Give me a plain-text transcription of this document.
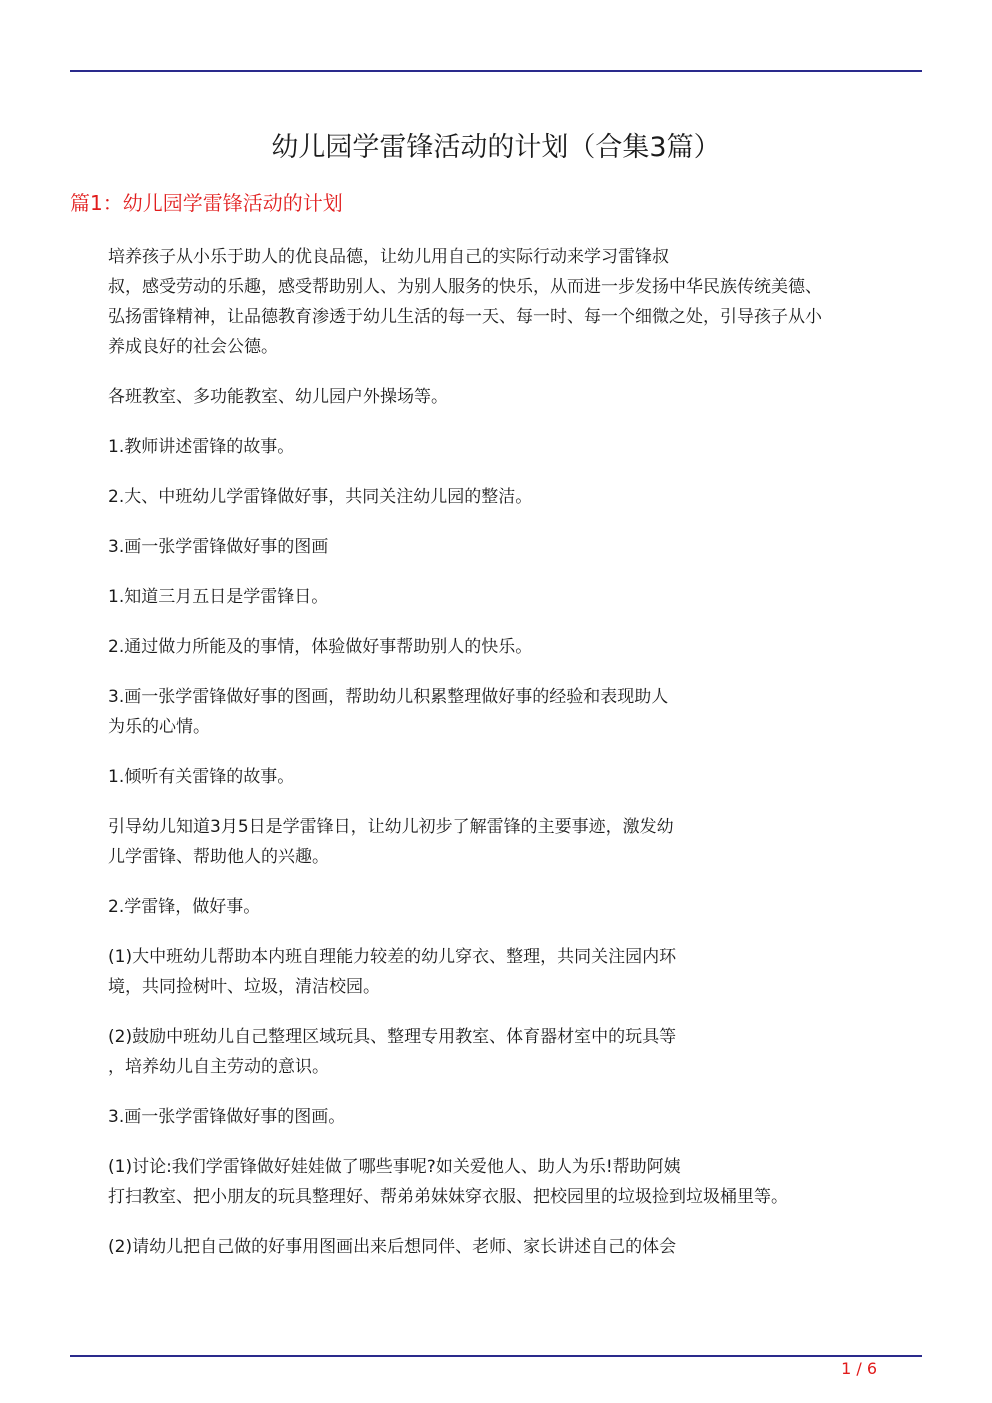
幼儿园学雷锋活动的计划（合集3篇）
篇1：幼儿园学雷锋活动的计划

培养孩子从小乐于助人的优良品德，让幼儿用自己的实际行动来学习雷锋叔
叔，感受劳动的乐趣，感受帮助别人、为别人服务的快乐，从而进一步发扬中华民族传统美德、
弘扬雷锋精神，让品德教育渗透于幼儿生活的每一天、每一时、每一个细微之处，引导孩子从小
养成良好的社会公德。

各班教室、多功能教室、幼儿园户外操场等。

1.教师讲述雷锋的故事。

2.大、中班幼儿学雷锋做好事，共同关注幼儿园的整洁。

3.画一张学雷锋做好事的图画

1.知道三月五日是学雷锋日。

2.通过做力所能及的事情，体验做好事帮助别人的快乐。

3.画一张学雷锋做好事的图画，帮助幼儿积累整理做好事的经验和表现助人
为乐的心情。

1.倾听有关雷锋的故事。

引导幼儿知道3月5日是学雷锋日，让幼儿初步了解雷锋的主要事迹，激发幼
儿学雷锋、帮助他人的兴趣。

2.学雷锋，做好事。

(1)大中班幼儿帮助本内班自理能力较差的幼儿穿衣、整理，共同关注园内环
境，共同捡树叶、垃圾，清洁校园。

(2)鼓励中班幼儿自己整理区域玩具、整理专用教室、体育器材室中的玩具等
，培养幼儿自主劳动的意识。

3.画一张学雷锋做好事的图画。

(1)讨论:我们学雷锋做好娃娃做了哪些事呢?如关爱他人、助人为乐!帮助阿姨
打扫教室、把小朋友的玩具整理好、帮弟弟妹妹穿衣服、把校园里的垃圾捡到垃圾桶里等。

(2)请幼儿把自己做的好事用图画出来后想同伴、老师、家长讲述自己的体会

1 / 6
